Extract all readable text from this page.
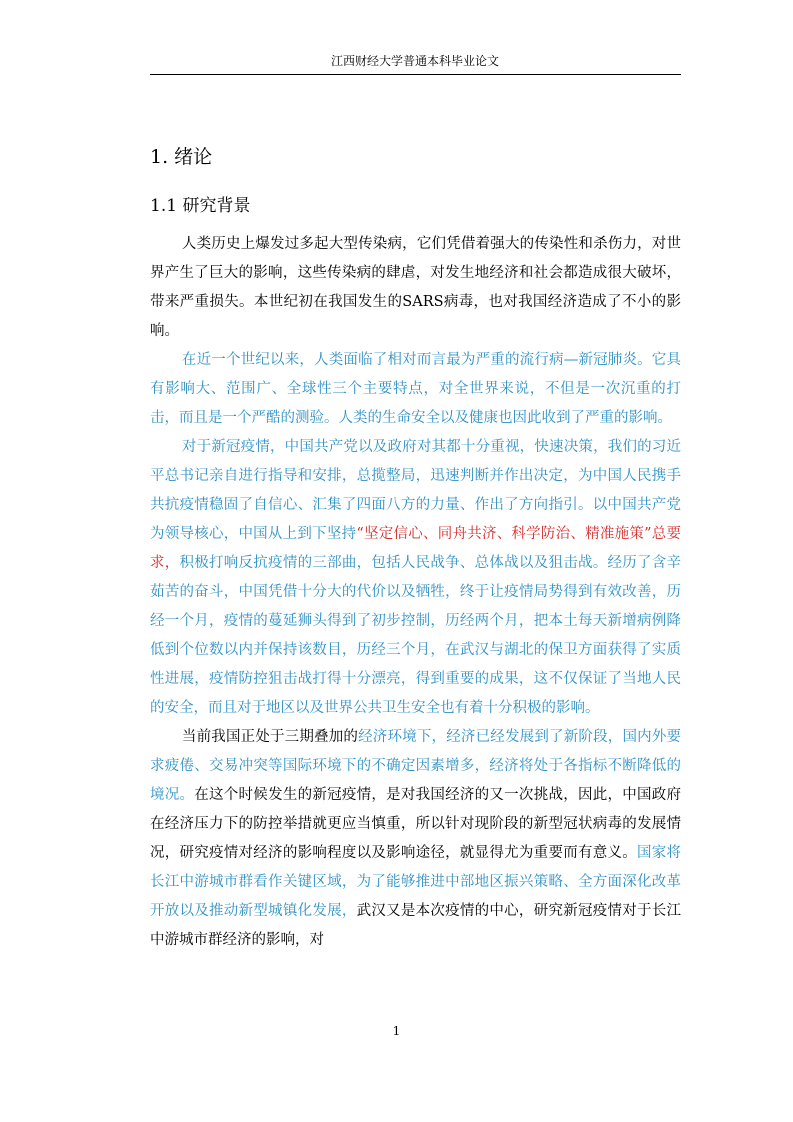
江西财经大学普通本科毕业论文
1. 绪论
1.1 研究背景

人类历史上爆发过多起大型传染病，它们凭借着强大的传染性和杀伤力，对世界产生了巨大的影响，这些传染病的肆虐，对发生地经济和社会都造成很大破坏，带来严重损失。本世纪初在我国发生的SARS病毒，也对我国经济造成了不小的影响。

在近一个世纪以来，人类面临了相对而言最为严重的流行病—新冠肺炎。它具有影响大、范围广、全球性三个主要特点，对全世界来说，不但是一次沉重的打击，而且是一个严酷的测验。人类的生命安全以及健康也因此收到了严重的影响。

对于新冠疫情，中国共产党以及政府对其都十分重视，快速决策，我们的习近平总书记亲自进行指导和安排，总揽整局，迅速判断并作出决定，为中国人民携手共抗疫情稳固了自信心、汇集了四面八方的力量、作出了方向指引。以中国共产党为领导核心，中国从上到下坚持“坚定信心、同舟共济、科学防治、精准施策”总要求，积极打响反抗疫情的三部曲，包括人民战争、总体战以及狙击战。经历了含辛茹苦的奋斗，中国凭借十分大的代价以及牺牲，终于让疫情局势得到有效改善，历经一个月，疫情的蔓延狮头得到了初步控制，历经两个月，把本土每天新增病例降低到个位数以内并保持该数目，历经三个月，在武汉与湖北的保卫方面获得了实质性进展，疫情防控狙击战打得十分漂亮，得到重要的成果，这不仅保证了当地人民的安全，而且对于地区以及世界公共卫生安全也有着十分积极的影响。

当前我国正处于三期叠加的经济环境下，经济已经发展到了新阶段，国内外要求疲倦、交易冲突等国际环境下的不确定因素增多，经济将处于各指标不断降低的境况。在这个时候发生的新冠疫情，是对我国经济的又一次挑战，因此，中国政府在经济压力下的防控举措就更应当慎重，所以针对现阶段的新型冠状病毒的发展情况，研究疫情对经济的影响程度以及影响途径，就显得尤为重要而有意义。国家将长江中游城市群看作关键区域，为了能够推进中部地区振兴策略、全方面深化改革开放以及推动新型城镇化发展，武汉又是本次疫情的中心，研究新冠疫情对于长江中游城市群经济的影响，对

1
